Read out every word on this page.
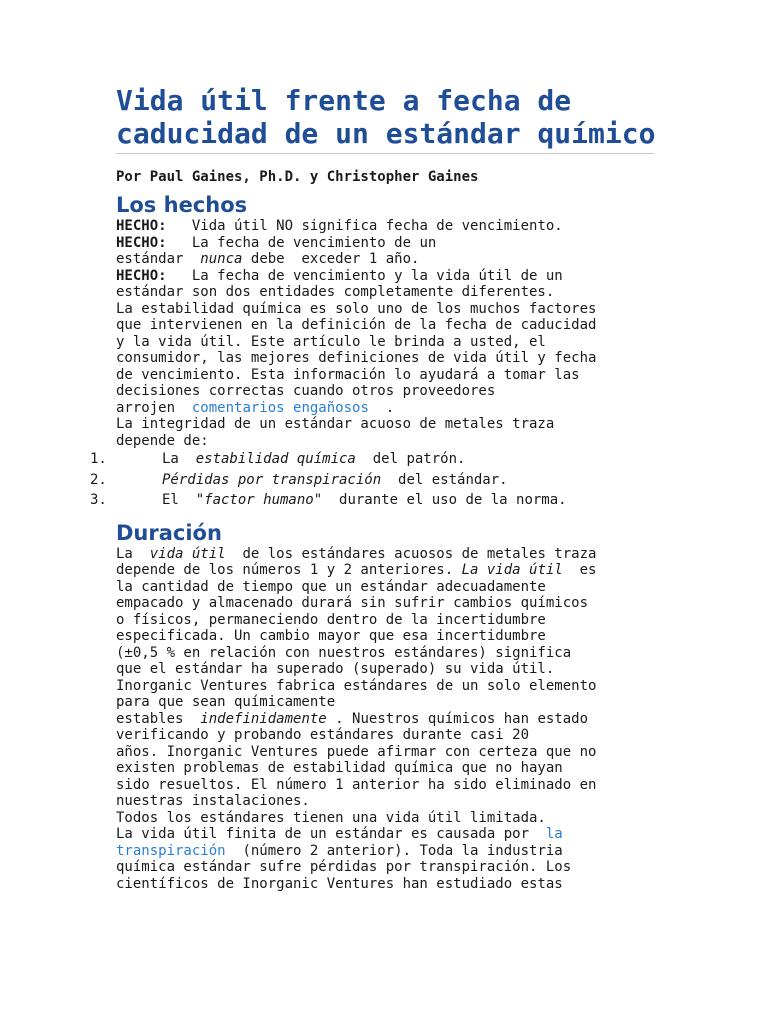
Vida útil frente a fecha de caducidad de un estándar químico
Por Paul Gaines, Ph.D. y Christopher Gaines
Los hechos
HECHO: Vida útil NO significa fecha de vencimiento.
HECHO: La fecha de vencimiento de un
estándar nunca debe  exceder 1 año.
HECHO: La fecha de vencimiento y la vida útil de un
estándar son dos entidades completamente diferentes.
La estabilidad química es solo uno de los muchos factores
que intervienen en la definición de la fecha de caducidad
y la vida útil. Este artículo le brinda a usted, el
consumidor, las mejores definiciones de vida útil y fecha
de vencimiento. Esta información lo ayudará a tomar las
decisiones correctas cuando otros proveedores
arrojen comentarios engañosos .
La integridad de un estándar acuoso de metales traza
depende de:
1.	La estabilidad química del patrón.
2.	Pérdidas por transpiración del estándar.
3.	El "factor humano" durante el uso de la norma.
Duración
La vida útil de los estándares acuosos de metales traza
depende de los números 1 y 2 anteriores. La vida útil es
la cantidad de tiempo que un estándar adecuadamente
empacado y almacenado durará sin sufrir cambios químicos
o físicos, permaneciendo dentro de la incertidumbre
especificada. Un cambio mayor que esa incertidumbre
(±0,5 % en relación con nuestros estándares) significa
que el estándar ha superado (superado) su vida útil.
Inorganic Ventures fabrica estándares de un solo elemento
para que sean químicamente
estables indefinidamente . Nuestros químicos han estado
verificando y probando estándares durante casi 20
años. Inorganic Ventures puede afirmar con certeza que no
existen problemas de estabilidad química que no hayan
sido resueltos. El número 1 anterior ha sido eliminado en
nuestras instalaciones.
Todos los estándares tienen una vida útil limitada.
La vida útil finita de un estándar es causada por la
transpiración (número 2 anterior). Toda la industria
química estándar sufre pérdidas por transpiración. Los
científicos de Inorganic Ventures han estudiado estas
